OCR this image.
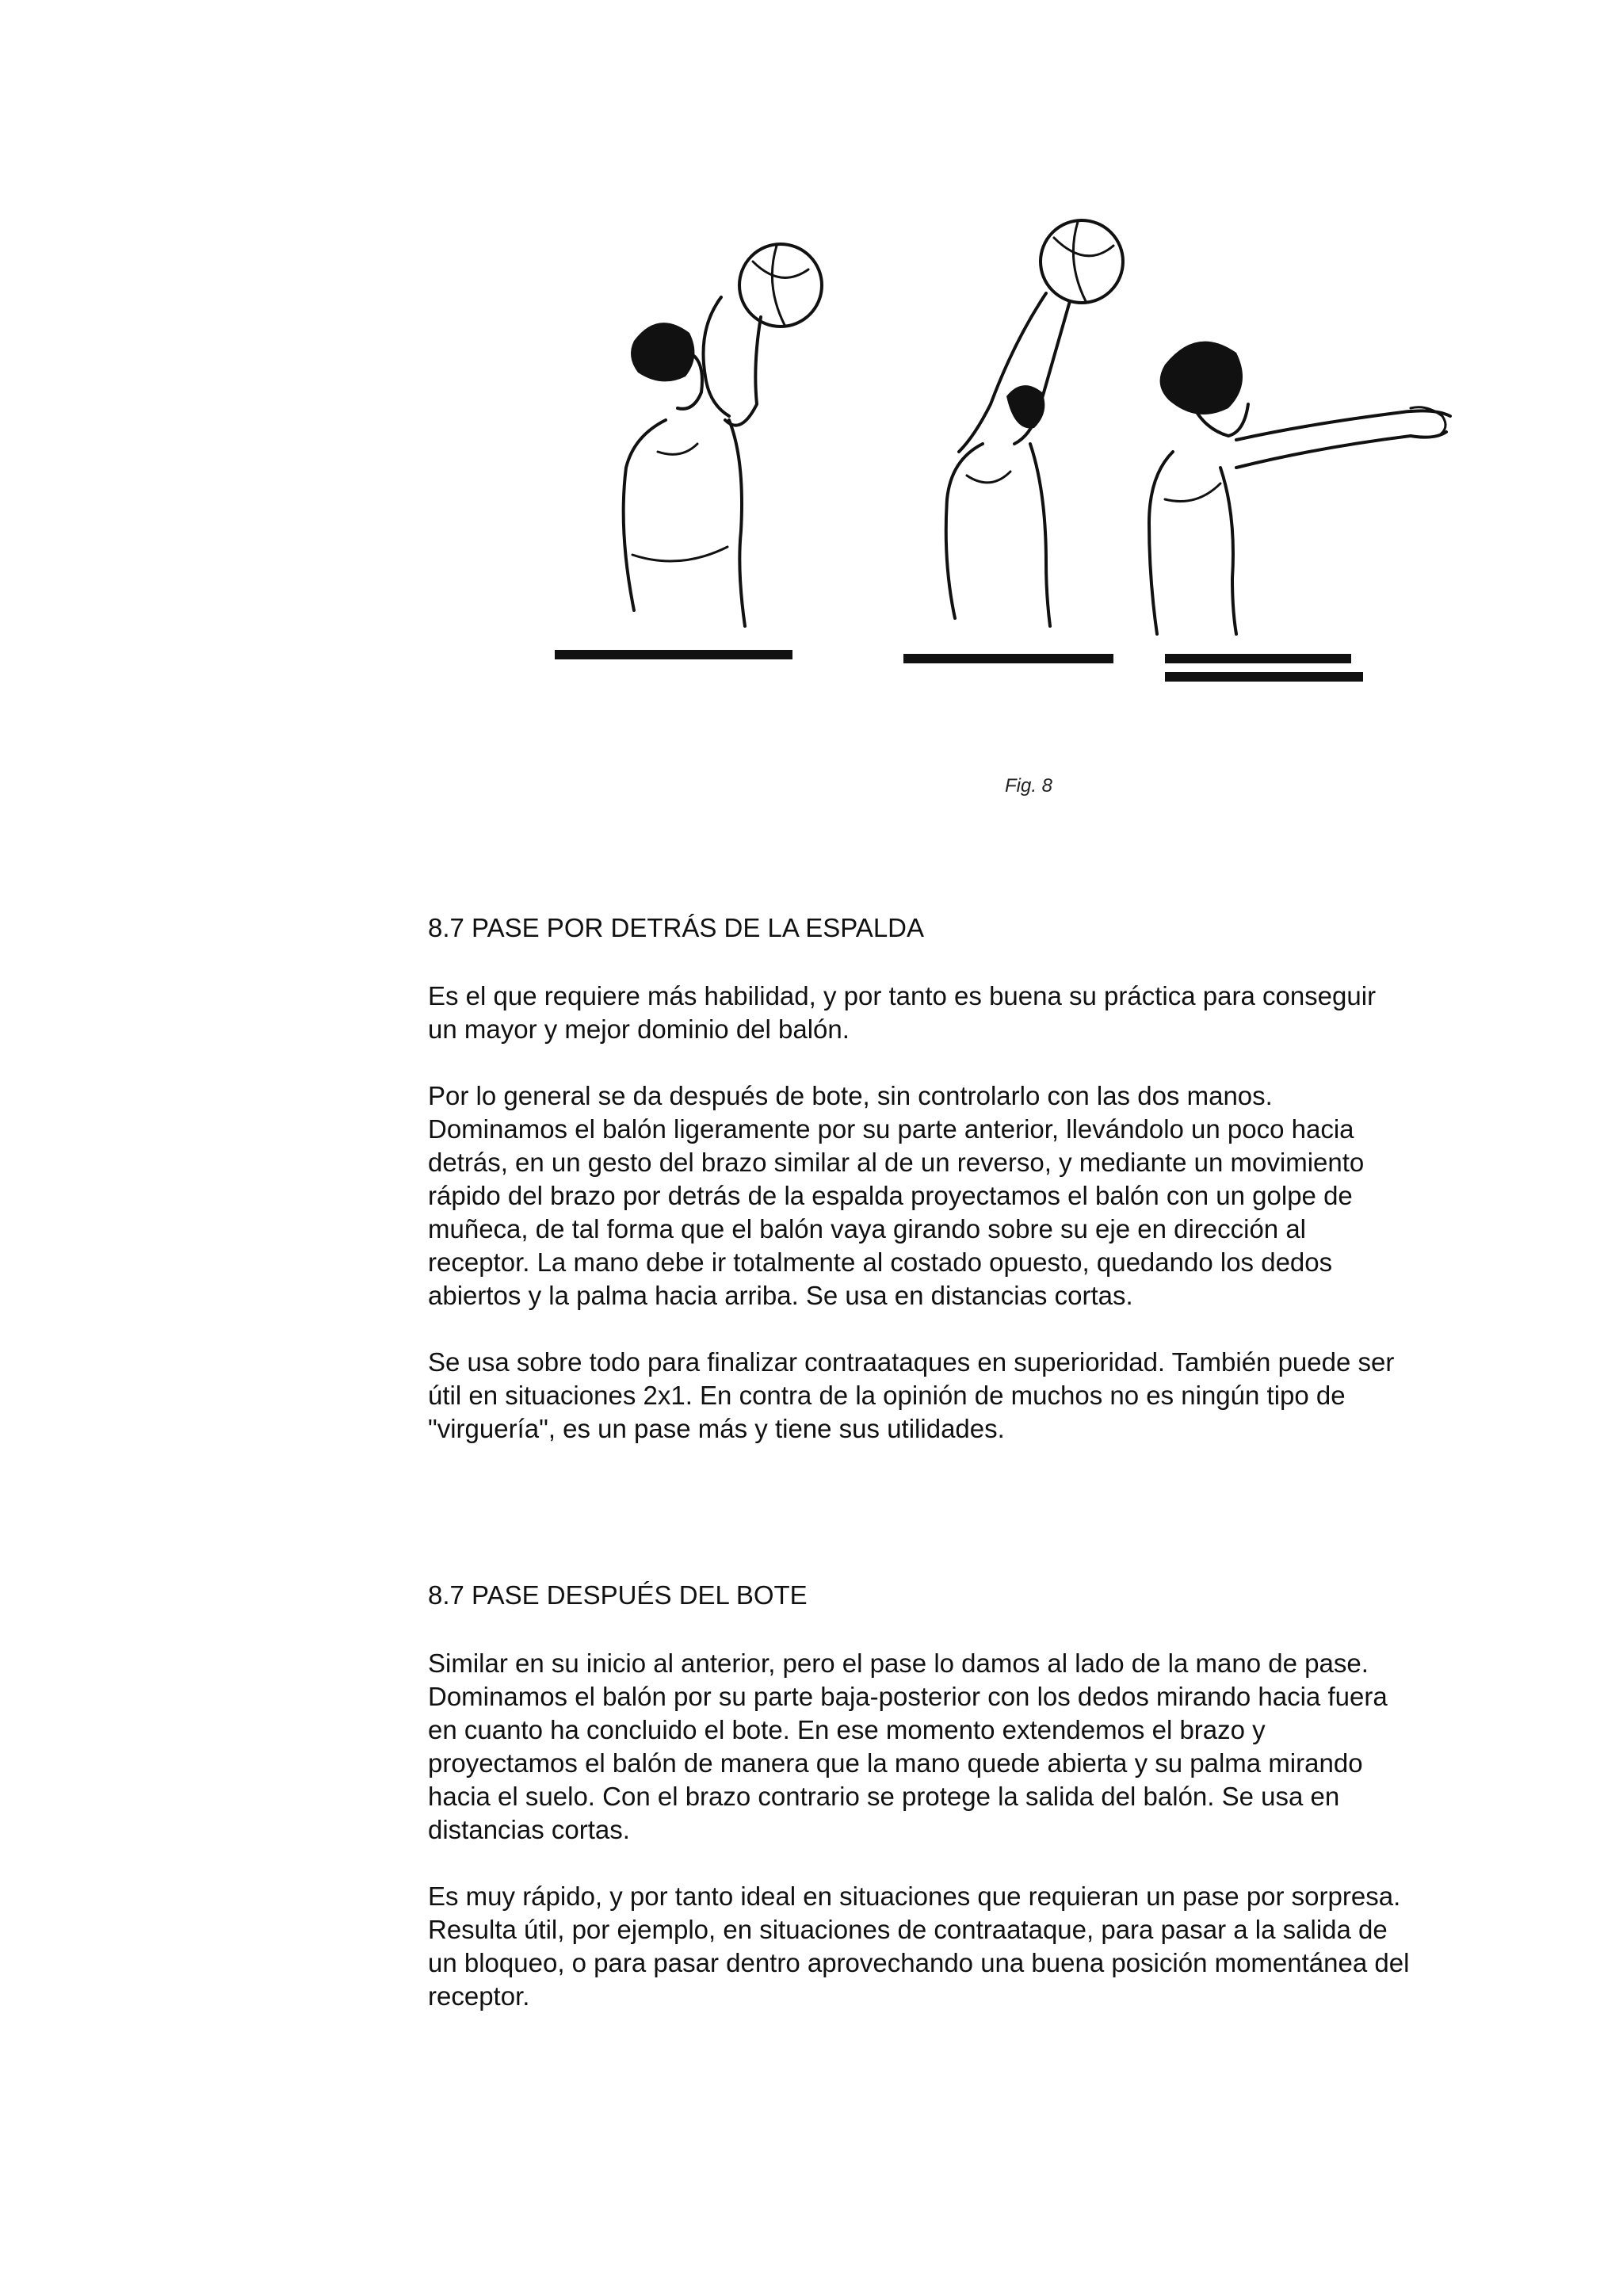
Fig. 8
8.7 PASE POR DETRÁS DE LA ESPALDA

Es el que requiere más habilidad, y por tanto es buena su práctica para conseguir un mayor y mejor dominio del balón.

Por lo general se da después de bote, sin controlarlo con las dos manos. Dominamos el balón ligeramente por su parte anterior, llevándolo un poco hacia detrás, en un gesto del brazo similar al de un reverso, y mediante un movimiento rápido del brazo por detrás de la espalda proyectamos el balón con un golpe de muñeca, de tal forma que el balón vaya girando sobre su eje en dirección al receptor. La mano debe ir totalmente al costado opuesto, quedando los dedos abiertos y la palma hacia arriba. Se usa en distancias cortas.

Se usa sobre todo para finalizar contraataques en superioridad. También puede ser útil en situaciones 2x1. En contra de la opinión de muchos no es ningún tipo de "virguería", es un pase más y tiene sus utilidades.

8.7 PASE DESPUÉS DEL BOTE

Similar en su inicio al anterior, pero el pase lo damos al lado de la mano de pase. Dominamos el balón por su parte baja-posterior con los dedos mirando hacia fuera en cuanto ha concluido el bote. En ese momento extendemos el brazo y proyectamos el balón de manera que la mano quede abierta y su palma mirando hacia el suelo. Con el brazo contrario se protege la salida del balón. Se usa en distancias cortas.

Es muy rápido, y por tanto ideal en situaciones que requieran un pase por sorpresa. Resulta útil, por ejemplo, en situaciones de contraataque, para pasar a la salida de un bloqueo, o para pasar dentro aprovechando una buena posición momentánea del receptor.
